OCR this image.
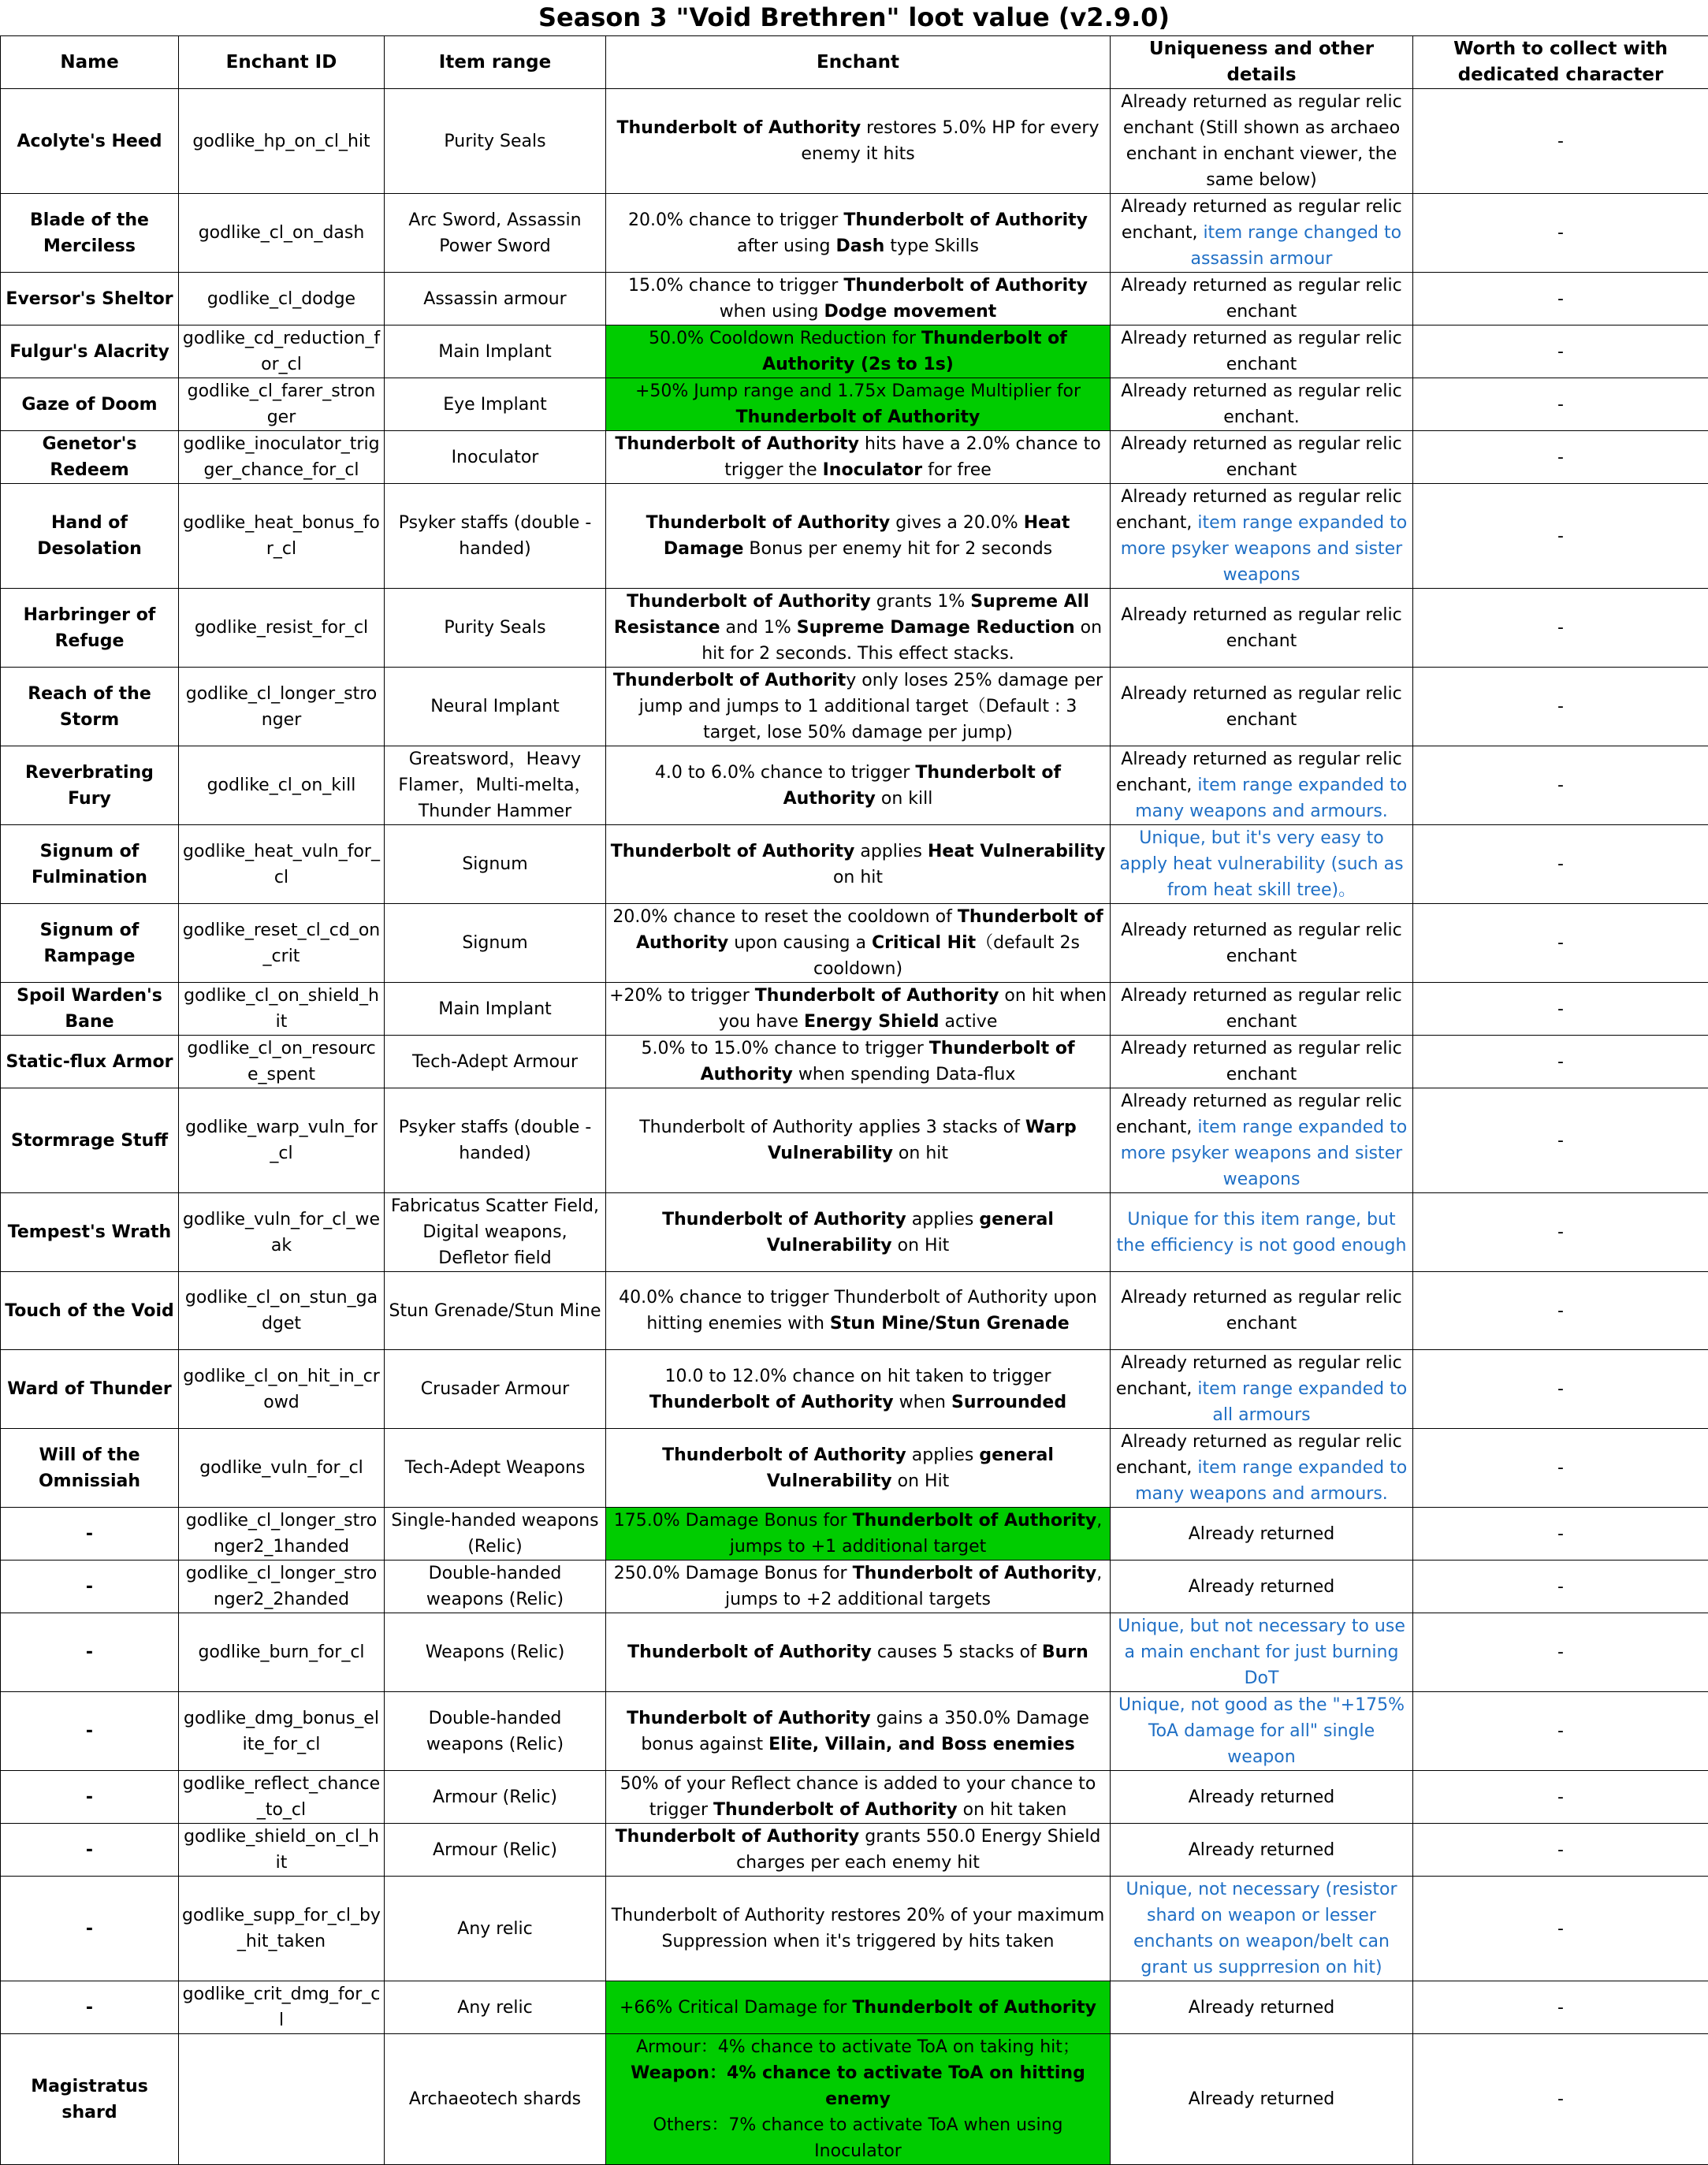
Season 3 "Void Brethren" loot value (v2.9.0)
Name	Enchant ID	Item range	Enchant	Uniqueness and other details	Worth to collect with dedicated character
Acolyte's Heed	godlike_hp_on_cl_hit	Purity Seals	Thunderbolt of Authority restores 5.0% HP for every enemy it hits	Already returned as regular relic enchant (Still shown as archaeo enchant in enchant viewer, the same below)	-
Blade of the Merciless	godlike_cl_on_dash	Arc Sword, Assassin Power Sword	20.0% chance to trigger Thunderbolt of Authority after using Dash type Skills	Already returned as regular relic enchant, item range changed to assassin armour	-
Eversor's Sheltor	godlike_cl_dodge	Assassin armour	15.0% chance to trigger Thunderbolt of Authority when using Dodge movement	Already returned as regular relic enchant	-
Fulgur's Alacrity	godlike_cd_reduction_for_cl	Main Implant	50.0% Cooldown Reduction for Thunderbolt of Authority (2s to 1s)	Already returned as regular relic enchant	-
Gaze of Doom	godlike_cl_farer_stronger	Eye Implant	+50% Jump range and 1.75x Damage Multiplier for Thunderbolt of Authority	Already returned as regular relic enchant.	-
Genetor's Redeem	godlike_inoculator_trigger_chance_for_cl	Inoculator	Thunderbolt of Authority hits have a 2.0% chance to trigger the Inoculator for free	Already returned as regular relic enchant	-
Hand of Desolation	godlike_heat_bonus_for_cl	Psyker staffs (double - handed)	Thunderbolt of Authority gives a 20.0% Heat Damage Bonus per enemy hit for 2 seconds	Already returned as regular relic enchant, item range expanded to more psyker weapons and sister weapons	-
Harbringer of Refuge	godlike_resist_for_cl	Purity Seals	Thunderbolt of Authority grants 1% Supreme All Resistance and 1% Supreme Damage Reduction on hit for 2 seconds. This effect stacks.	Already returned as regular relic enchant	-
Reach of the Storm	godlike_cl_longer_stronger	Neural Implant	Thunderbolt of Authority only loses 25% damage per jump and jumps to 1 additional target（Default : 3 target, lose 50% damage per jump)	Already returned as regular relic enchant	-
Reverbrating Fury	godlike_cl_on_kill	Greatsword，Heavy Flamer，Multi-melta，Thunder Hammer	4.0 to 6.0% chance to trigger Thunderbolt of Authority on kill	Already returned as regular relic enchant, item range expanded to many weapons and armours.	-
Signum of Fulmination	godlike_heat_vuln_for_cl	Signum	Thunderbolt of Authority applies Heat Vulnerability on hit	Unique, but it's very easy to apply heat vulnerability (such as from heat skill tree)。	-
Signum of Rampage	godlike_reset_cl_cd_on_crit	Signum	20.0% chance to reset the cooldown of Thunderbolt of Authority upon causing a Critical Hit（default 2s cooldown)	Already returned as regular relic enchant	-
Spoil Warden's Bane	godlike_cl_on_shield_hit	Main Implant	+20% to trigger Thunderbolt of Authority on hit when you have Energy Shield active	Already returned as regular relic enchant	-
Static-flux Armor	godlike_cl_on_resource_spent	Tech-Adept Armour	5.0% to 15.0% chance to trigger Thunderbolt of Authority when spending Data-flux	Already returned as regular relic enchant	-
Stormrage Stuff	godlike_warp_vuln_for_cl	Psyker staffs (double - handed)	Thunderbolt of Authority applies 3 stacks of Warp Vulnerability on hit	Already returned as regular relic enchant, item range expanded to more psyker weapons and sister weapons	-
Tempest's Wrath	godlike_vuln_for_cl_weak	Fabricatus Scatter Field, Digital weapons, Defletor field	Thunderbolt of Authority applies general Vulnerability on Hit	Unique for this item range, but the efficiency is not good enough	-
Touch of the Void	godlike_cl_on_stun_gadget	Stun Grenade/Stun Mine	40.0% chance to trigger Thunderbolt of Authority upon hitting enemies with Stun Mine/Stun Grenade	Already returned as regular relic enchant	-
Ward of Thunder	godlike_cl_on_hit_in_crowd	Crusader Armour	10.0 to 12.0% chance on hit taken to trigger Thunderbolt of Authority when Surrounded	Already returned as regular relic enchant, item range expanded to all armours	-
Will of the Omnissiah	godlike_vuln_for_cl	Tech-Adept Weapons	Thunderbolt of Authority applies general Vulnerability on Hit	Already returned as regular relic enchant, item range expanded to many weapons and armours.	-
-	godlike_cl_longer_stronger2_1handed	Single-handed weapons (Relic)	175.0% Damage Bonus for Thunderbolt of Authority, jumps to +1 additional target	Already returned	-
-	godlike_cl_longer_stronger2_2handed	Double-handed weapons (Relic)	250.0% Damage Bonus for Thunderbolt of Authority, jumps to +2 additional targets	Already returned	-
-	godlike_burn_for_cl	Weapons (Relic)	Thunderbolt of Authority causes 5 stacks of Burn	Unique, but not necessary to use a main enchant for just burning DoT	-
-	godlike_dmg_bonus_elite_for_cl	Double-handed weapons (Relic)	Thunderbolt of Authority gains a 350.0% Damage bonus against Elite, Villain, and Boss enemies	Unique, not good as the "+175% ToA damage for all" single weapon	-
-	godlike_reflect_chance_to_cl	Armour (Relic)	50% of your Reflect chance is added to your chance to trigger Thunderbolt of Authority on hit taken	Already returned	-
-	godlike_shield_on_cl_hit	Armour (Relic)	Thunderbolt of Authority grants 550.0 Energy Shield charges per each enemy hit	Already returned	-
-	godlike_supp_for_cl_by_hit_taken	Any relic	Thunderbolt of Authority restores 20% of your maximum Suppression when it's triggered by hits taken	Unique, not necessary (resistor shard on weapon or lesser enchants on weapon/belt can grant us supprresion on hit)	-
-	godlike_crit_dmg_for_cl	Any relic	+66% Critical Damage for Thunderbolt of Authority	Already returned	-
Magistratus shard		Archaeotech shards	Armour：4% chance to activate ToA on taking hit；
Weapon：4% chance to activate ToA on hitting enemy
Others：7% chance to activate ToA when using Inoculator	Already returned	-
